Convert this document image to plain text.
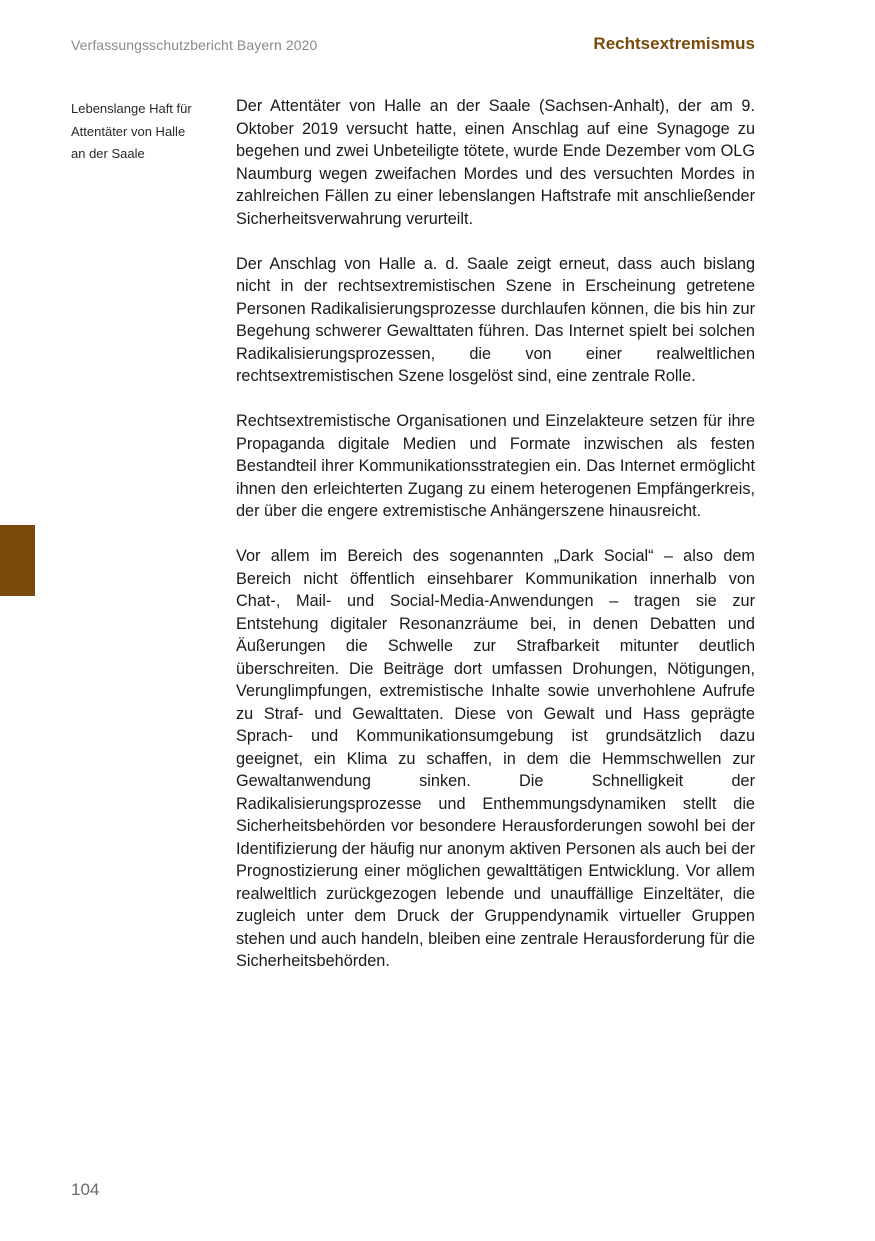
Verfassungsschutzbericht Bayern 2020	Rechtsextremismus
Lebenslange Haft für
Attentäter von Halle
an der Saale

Der Attentäter von Halle an der Saale (Sachsen-Anhalt), der am 9. Oktober 2019 versucht hatte, einen Anschlag auf eine Synagoge zu begehen und zwei Unbeteiligte tötete, wurde Ende Dezember vom OLG Naumburg wegen zweifachen Mordes und des versuchten Mordes in zahlreichen Fällen zu einer lebenslangen Haftstrafe mit anschließender Sicherheitsverwahrung verurteilt.

Der Anschlag von Halle a. d. Saale zeigt erneut, dass auch bislang nicht in der rechtsextremistischen Szene in Erscheinung getretene Personen Radikalisierungsprozesse durchlaufen können, die bis hin zur Begehung schwerer Gewalttaten führen. Das Internet spielt bei solchen Radikalisierungsprozessen, die von einer realweltlichen rechtsextremistischen Szene losgelöst sind, eine zentrale Rolle.

Rechtsextremistische Organisationen und Einzelakteure setzen für ihre Propaganda digitale Medien und Formate inzwischen als festen Bestandteil ihrer Kommunikationsstrategien ein. Das Internet ermöglicht ihnen den erleichterten Zugang zu einem heterogenen Empfängerkreis, der über die engere extremistische Anhängerszene hinausreicht.

Vor allem im Bereich des sogenannten „Dark Social“ – also dem Bereich nicht öffentlich einsehbarer Kommunikation innerhalb von Chat-, Mail- und Social-Media-Anwendungen – tragen sie zur Entstehung digitaler Resonanzräume bei, in denen Debatten und Äußerungen die Schwelle zur Strafbarkeit mitunter deutlich überschreiten. Die Beiträge dort umfassen Drohungen, Nötigungen, Verunglimpfungen, extremistische Inhalte sowie unverhohlene Aufrufe zu Straf- und Gewalttaten. Diese von Gewalt und Hass geprägte Sprach- und Kommunikationsumgebung ist grundsätzlich dazu geeignet, ein Klima zu schaffen, in dem die Hemmschwellen zur Gewaltanwendung sinken. Die Schnelligkeit der Radikalisierungsprozesse und Enthemmungsdynamiken stellt die Sicherheitsbehörden vor besondere Herausforderungen sowohl bei der Identifizierung der häufig nur anonym aktiven Personen als auch bei der Prognostizierung einer möglichen gewalttätigen Entwicklung. Vor allem realweltlich zurückgezogen lebende und unauffällige Einzeltäter, die zugleich unter dem Druck der Gruppendynamik virtueller Gruppen stehen und auch handeln, bleiben eine zentrale Herausforderung für die Sicherheitsbehörden.

104
